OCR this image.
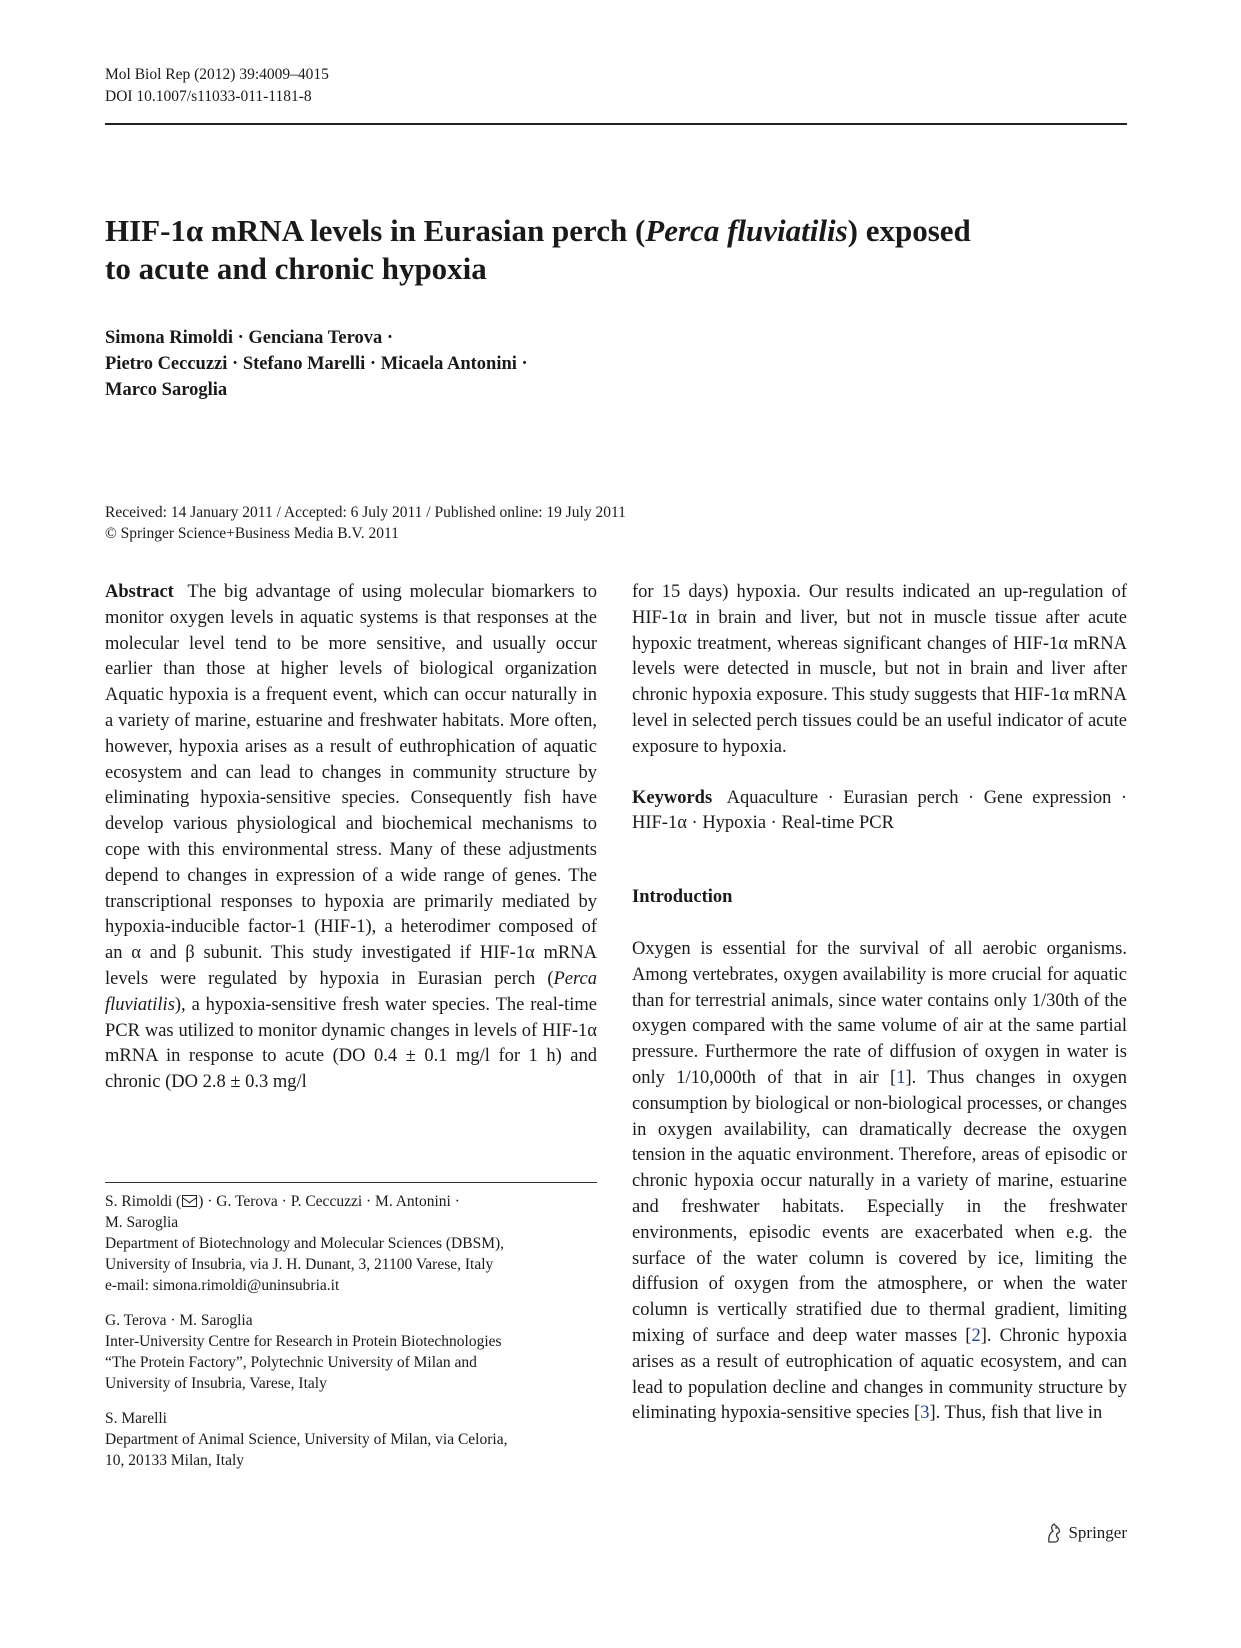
Mol Biol Rep (2012) 39:4009–4015
DOI 10.1007/s11033-011-1181-8
HIF-1α mRNA levels in Eurasian perch (Perca fluviatilis) exposed
to acute and chronic hypoxia
Simona Rimoldi · Genciana Terova ·
Pietro Ceccuzzi · Stefano Marelli · Micaela Antonini ·
Marco Saroglia
Received: 14 January 2011 / Accepted: 6 July 2011 / Published online: 19 July 2011
© Springer Science+Business Media B.V. 2011

Abstract The big advantage of using molecular biomarkers to monitor oxygen levels in aquatic systems is that responses at the molecular level tend to be more sensitive, and usually occur earlier than those at higher levels of biological organization Aquatic hypoxia is a frequent event, which can occur naturally in a variety of marine, estuarine and freshwater habitats. More often, however, hypoxia arises as a result of euthrophication of aquatic ecosystem and can lead to changes in community structure by eliminating hypoxia-sensitive species. Consequently fish have develop various physiological and biochemical mechanisms to cope with this environmental stress. Many of these adjustments depend to changes in expression of a wide range of genes. The transcriptional responses to hypoxia are primarily mediated by hypoxia-inducible factor-1 (HIF-1), a heterodimer composed of an α and β subunit. This study investigated if HIF-1α mRNA levels were regulated by hypoxia in Eurasian perch (Perca fluviatilis), a hypoxia-sensitive fresh water species. The real-time PCR was utilized to monitor dynamic changes in levels of HIF-1α mRNA in response to acute (DO 0.4 ± 0.1 mg/l for 1 h) and chronic (DO 2.8 ± 0.3 mg/l

for 15 days) hypoxia. Our results indicated an up-regulation of HIF-1α in brain and liver, but not in muscle tissue after acute hypoxic treatment, whereas significant changes of HIF-1α mRNA levels were detected in muscle, but not in brain and liver after chronic hypoxia exposure. This study suggests that HIF-1α mRNA level in selected perch tissues could be an useful indicator of acute exposure to hypoxia.

Keywords Aquaculture · Eurasian perch · Gene expression · HIF-1α · Hypoxia · Real-time PCR

Introduction

Oxygen is essential for the survival of all aerobic organisms. Among vertebrates, oxygen availability is more crucial for aquatic than for terrestrial animals, since water contains only 1/30th of the oxygen compared with the same volume of air at the same partial pressure. Furthermore the rate of diffusion of oxygen in water is only 1/10,000th of that in air [1]. Thus changes in oxygen consumption by biological or non-biological processes, or changes in oxygen availability, can dramatically decrease the oxygen tension in the aquatic environment. Therefore, areas of episodic or chronic hypoxia occur naturally in a variety of marine, estuarine and freshwater habitats. Especially in the freshwater environments, episodic events are exacerbated when e.g. the surface of the water column is covered by ice, limiting the diffusion of oxygen from the atmosphere, or when the water column is vertically stratified due to thermal gradient, limiting mixing of surface and deep water masses [2]. Chronic hypoxia arises as a result of eutrophication of aquatic ecosystem, and can lead to population decline and changes in community structure by eliminating hypoxia-sensitive species [3]. Thus, fish that live in

S. Rimoldi ( ) · G. Terova · P. Ceccuzzi · M. Antonini ·
M. Saroglia
Department of Biotechnology and Molecular Sciences (DBSM),
University of Insubria, via J. H. Dunant, 3, 21100 Varese, Italy
e-mail: simona.rimoldi@uninsubria.it

G. Terova · M. Saroglia
Inter-University Centre for Research in Protein Biotechnologies
“The Protein Factory”, Polytechnic University of Milan and
University of Insubria, Varese, Italy

S. Marelli
Department of Animal Science, University of Milan, via Celoria,
10, 20133 Milan, Italy

Springer
